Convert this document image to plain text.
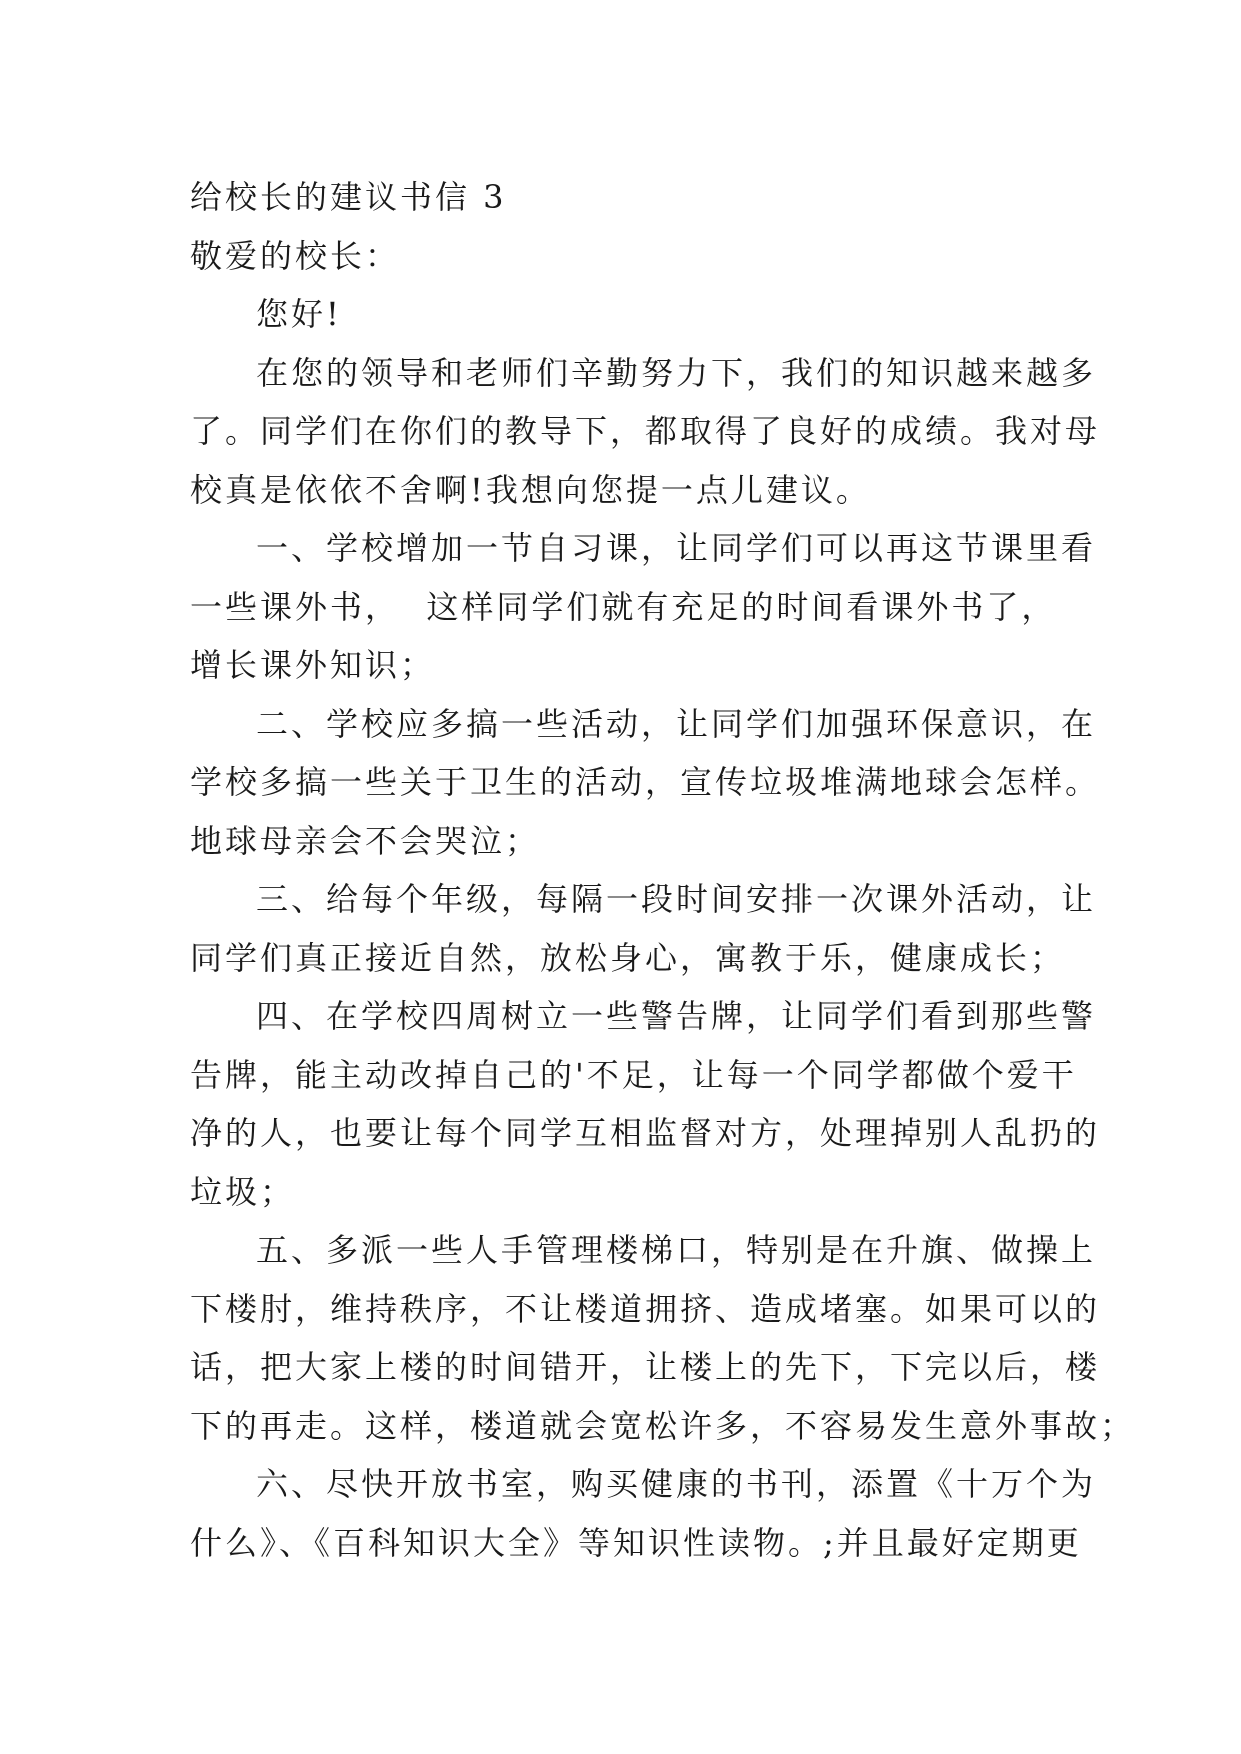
给校长的建议书信 3

敬爱的校长：

您好!

在您的领导和老师们辛勤努力下，我们的知识越来越多

了。同学们在你们的教导下，都取得了良好的成绩。我对母

校真是依依不舍啊!我想向您提一点儿建议。

一、学校增加一节自习课，让同学们可以再这节课里看

一些课外书，  这样同学们就有充足的时间看课外书了，

增长课外知识；

二、学校应多搞一些活动，让同学们加强环保意识，在

学校多搞一些关于卫生的活动，宣传垃圾堆满地球会怎样。

地球母亲会不会哭泣；

三、给每个年级，每隔一段时间安排一次课外活动，让

同学们真正接近自然，放松身心，寓教于乐，健康成长；

四、在学校四周树立一些警告牌，让同学们看到那些警

告牌，能主动改掉自己的'不足，让每一个同学都做个爱干

净的人，也要让每个同学互相监督对方，处理掉别人乱扔的

垃圾；

五、多派一些人手管理楼梯口，特别是在升旗、做操上

下楼肘，维持秩序，不让楼道拥挤、造成堵塞。如果可以的

话，把大家上楼的时间错开，让楼上的先下，下完以后，楼

下的再走。这样，楼道就会宽松许多，不容易发生意外事故；

六、尽快开放书室，购买健康的书刊，添置《十万个为

什么》、《百科知识大全》等知识性读物。;并且最好定期更
